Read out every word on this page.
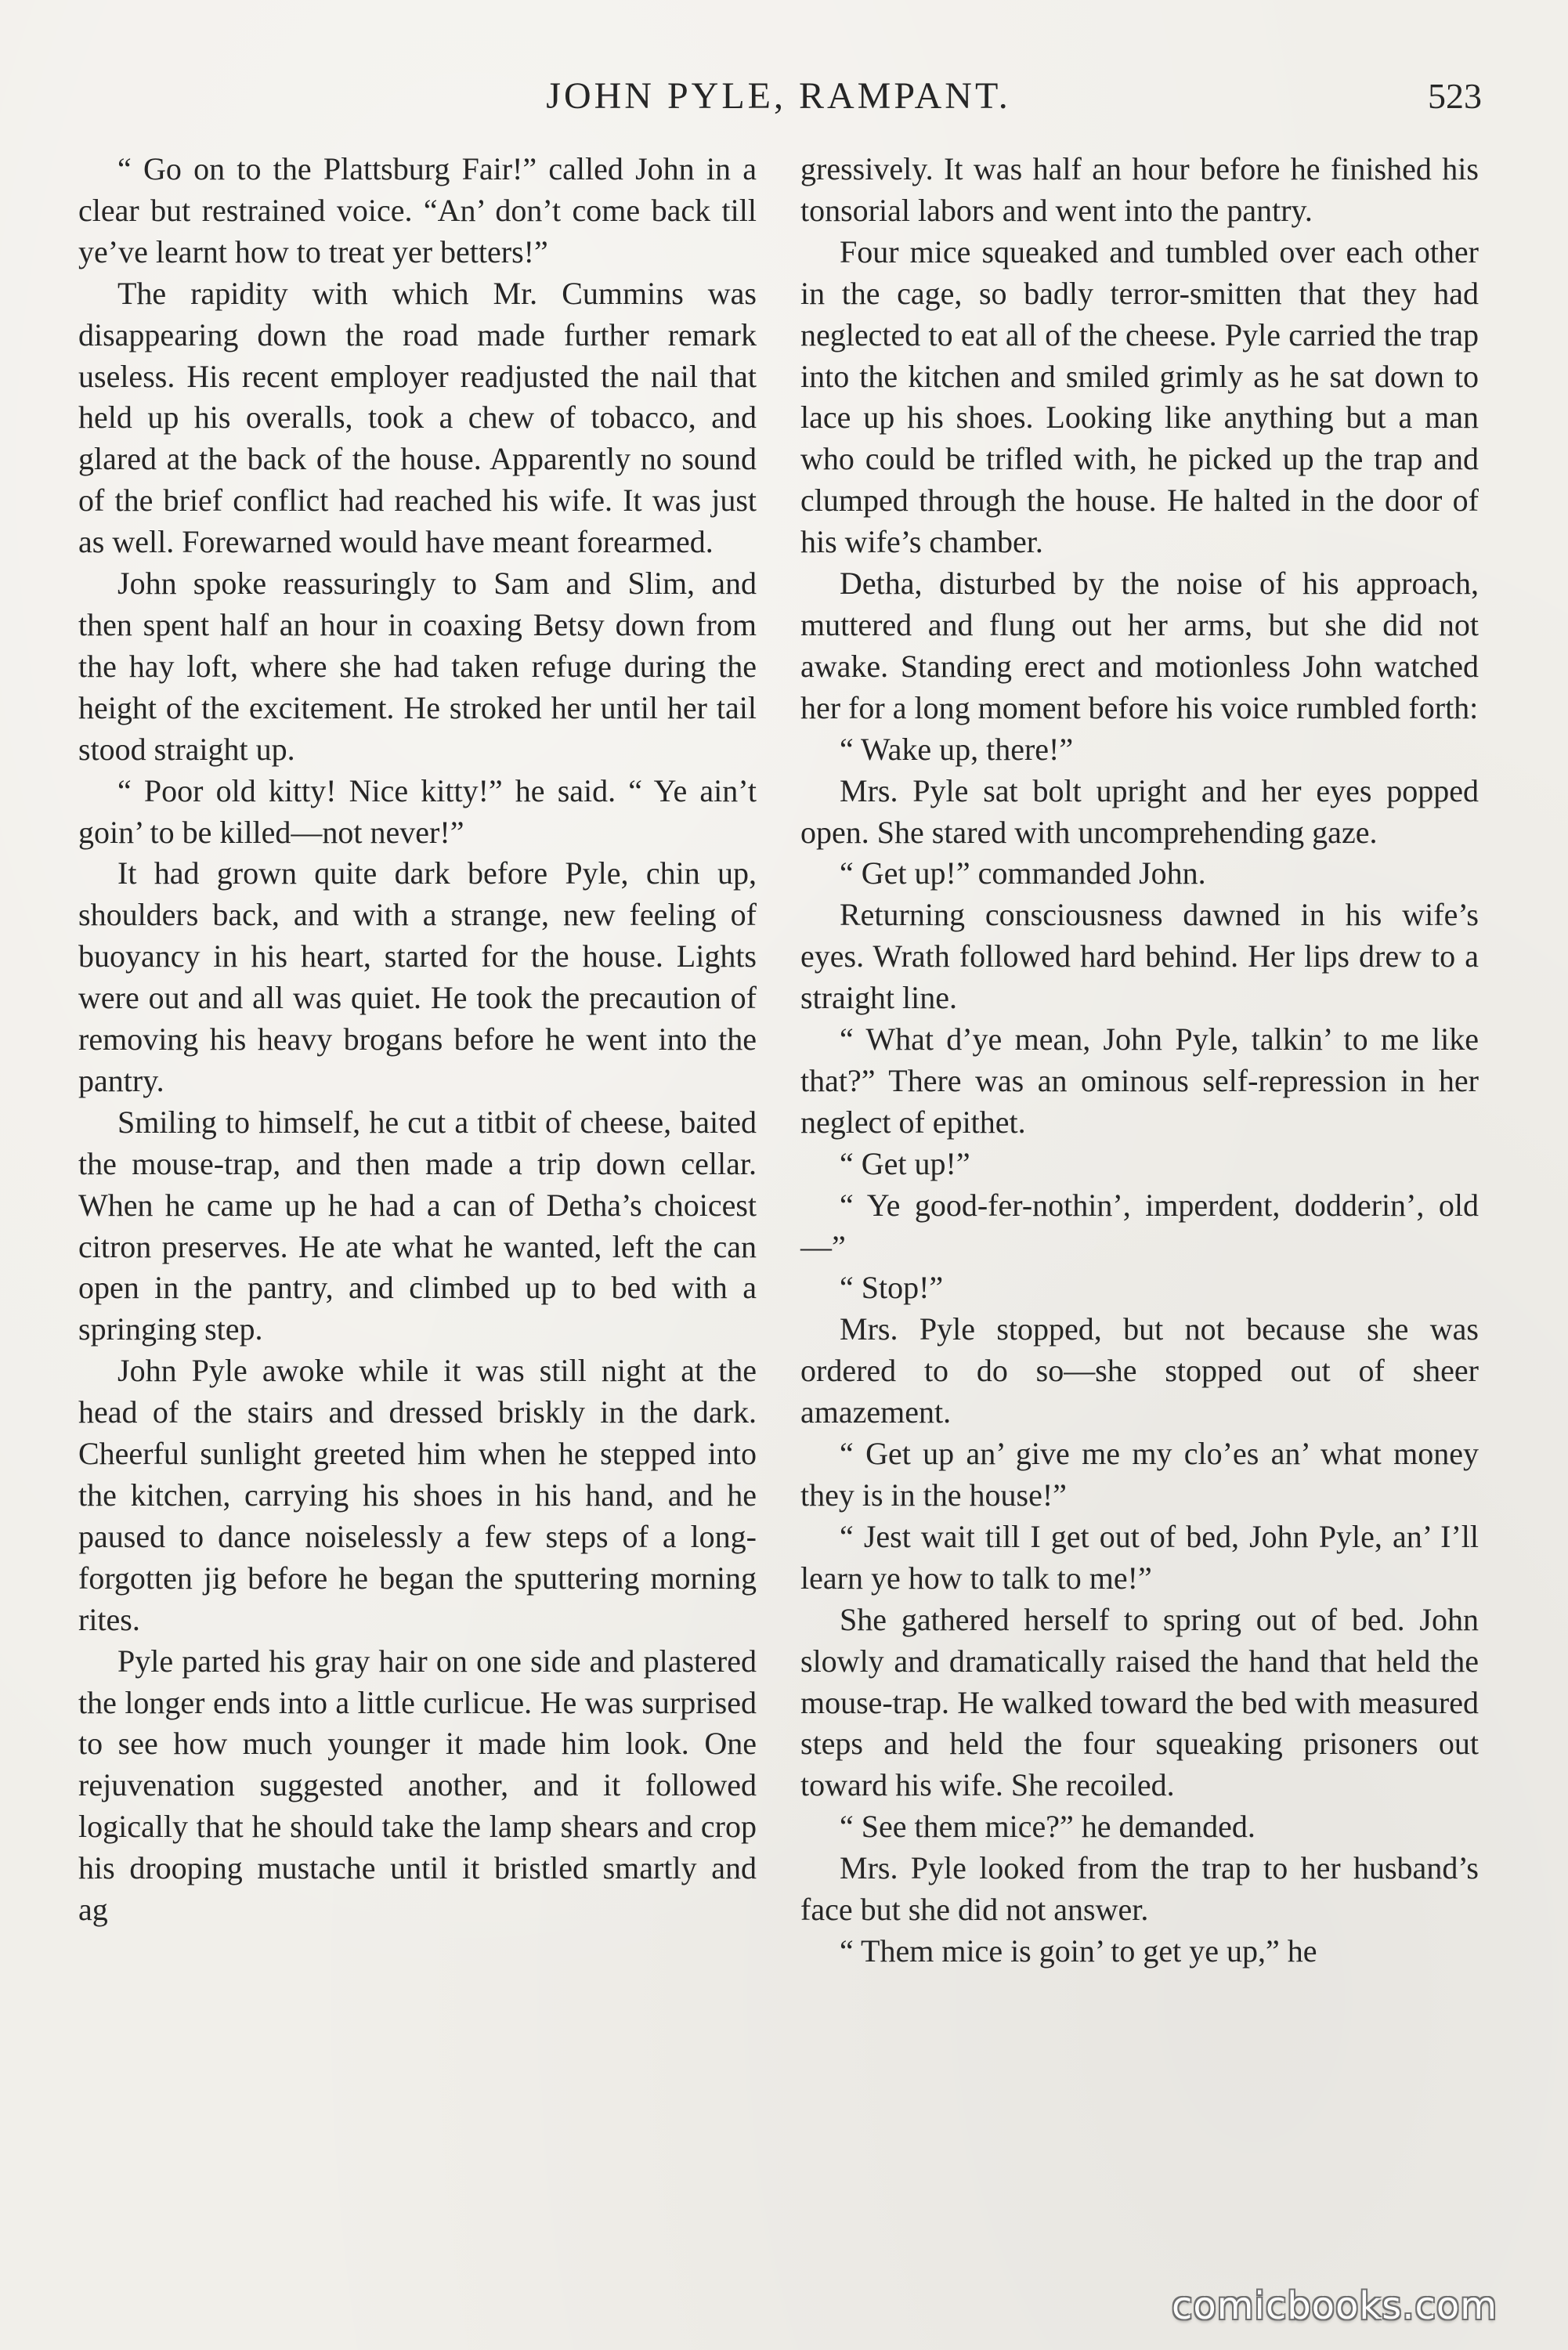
JOHN PYLE, RAMPANT.	523

“ Go on to the Plattsburg Fair!” called John in a clear but restrained voice. “An’ don’t come back till ye’ve learnt how to treat yer betters!”

The rapidity with which Mr. Cummins was disappearing down the road made further remark useless. His recent employer readjusted the nail that held up his overalls, took a chew of tobacco, and glared at the back of the house. Apparently no sound of the brief conflict had reached his wife. It was just as well. Forewarned would have meant forearmed.

John spoke reassuringly to Sam and Slim, and then spent half an hour in coaxing Betsy down from the hay loft, where she had taken refuge during the height of the excitement. He stroked her until her tail stood straight up.

“ Poor old kitty! Nice kitty!” he said. “ Ye ain’t goin’ to be killed—not never!”

It had grown quite dark before Pyle, chin up, shoulders back, and with a strange, new feeling of buoyancy in his heart, started for the house. Lights were out and all was quiet. He took the precaution of removing his heavy brogans before he went into the pantry.

Smiling to himself, he cut a titbit of cheese, baited the mouse-trap, and then made a trip down cellar. When he came up he had a can of Detha’s choicest citron preserves. He ate what he wanted, left the can open in the pantry, and climbed up to bed with a springing step.

John Pyle awoke while it was still night at the head of the stairs and dressed briskly in the dark. Cheerful sunlight greeted him when he stepped into the kitchen, carrying his shoes in his hand, and he paused to dance noiselessly a few steps of a long-forgotten jig before he began the sputtering morning rites.

Pyle parted his gray hair on one side and plastered the longer ends into a little curlicue. He was surprised to see how much younger it made him look. One rejuvenation suggested another, and it followed logically that he should take the lamp shears and crop his drooping mustache until it bristled smartly and ag

gressively. It was half an hour before he finished his tonsorial labors and went into the pantry.

Four mice squeaked and tumbled over each other in the cage, so badly terror-smitten that they had neglected to eat all of the cheese. Pyle carried the trap into the kitchen and smiled grimly as he sat down to lace up his shoes. Looking like anything but a man who could be trifled with, he picked up the trap and clumped through the house. He halted in the door of his wife’s chamber.

Detha, disturbed by the noise of his approach, muttered and flung out her arms, but she did not awake. Standing erect and motionless John watched her for a long moment before his voice rumbled forth:

“ Wake up, there!”

Mrs. Pyle sat bolt upright and her eyes popped open. She stared with uncomprehending gaze.

“ Get up!” commanded John.

Returning consciousness dawned in his wife’s eyes. Wrath followed hard behind. Her lips drew to a straight line.

“ What d’ye mean, John Pyle, talkin’ to me like that?” There was an ominous self-repression in her neglect of epithet.

“ Get up!”

“ Ye good-fer-nothin’, imperdent, dodderin’, old—”

“ Stop!”

Mrs. Pyle stopped, but not because she was ordered to do so—she stopped out of sheer amazement.

“ Get up an’ give me my clo’es an’ what money they is in the house!”

“ Jest wait till I get out of bed, John Pyle, an’ I’ll learn ye how to talk to me!”

She gathered herself to spring out of bed. John slowly and dramatically raised the hand that held the mouse-trap. He walked toward the bed with measured steps and held the four squeaking prisoners out toward his wife. She recoiled.

“ See them mice?” he demanded.

Mrs. Pyle looked from the trap to her husband’s face but she did not answer.

“ Them mice is goin’ to get ye up,” he

comicbooks.com
